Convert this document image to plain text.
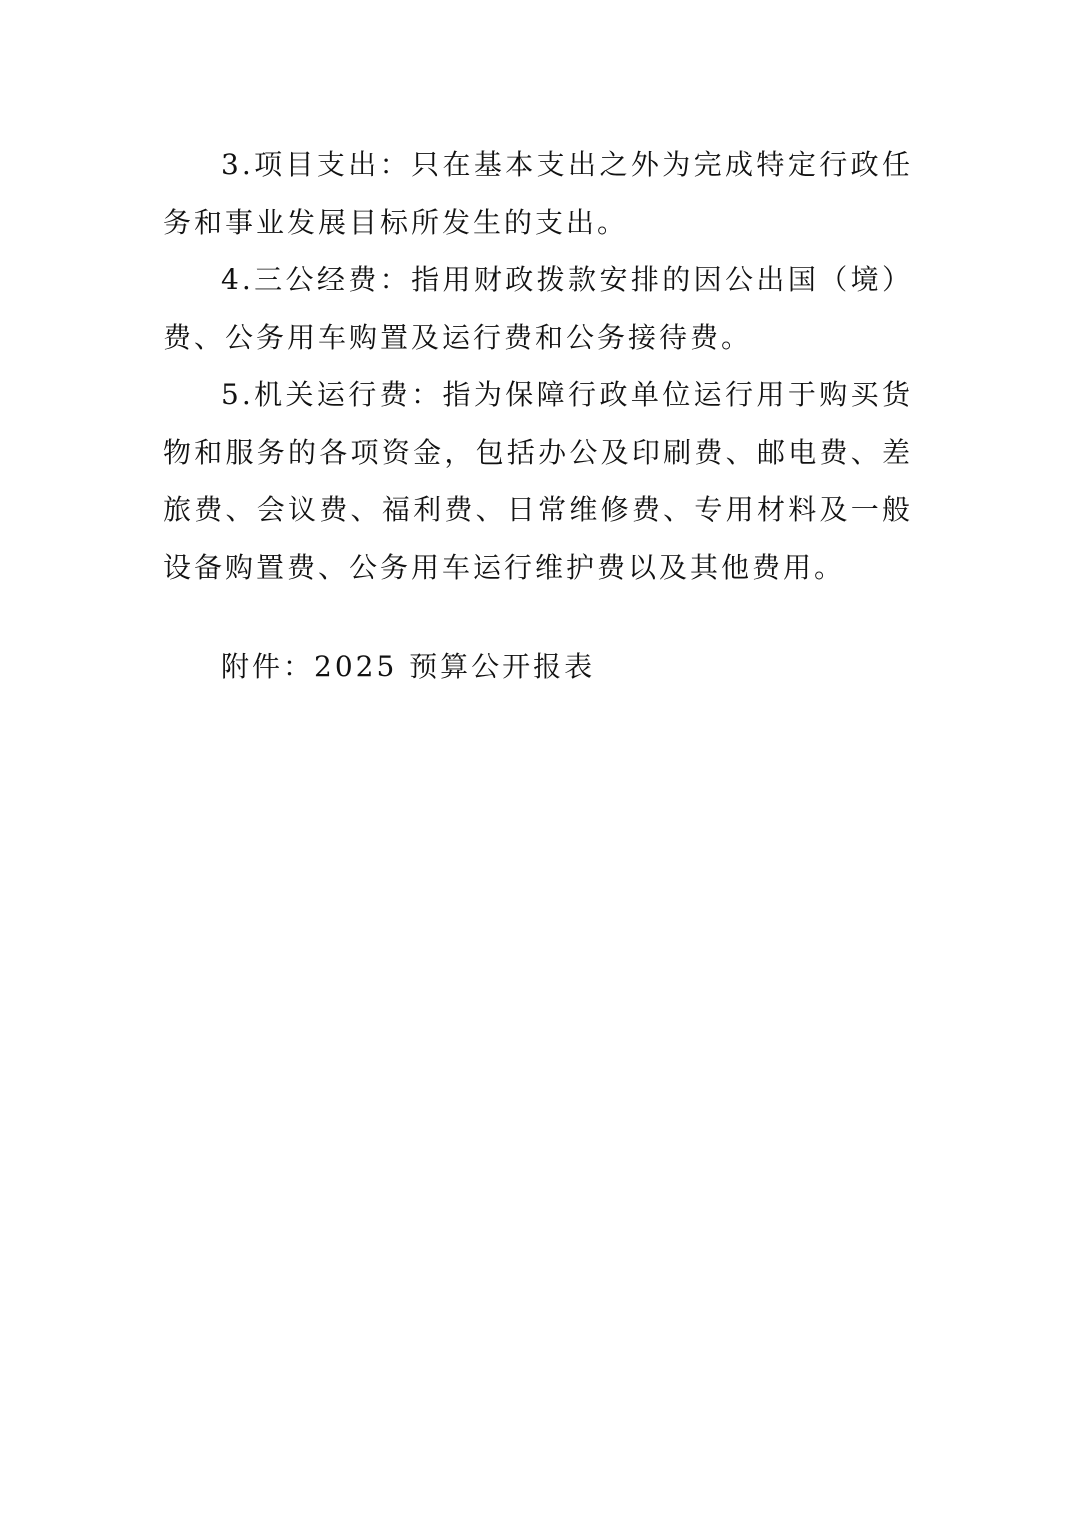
3.项目支出：只在基本支出之外为完成特定行政任务和事业发展目标所发生的支出。

4.三公经费：指用财政拨款安排的因公出国（境）费、公务用车购置及运行费和公务接待费。

5.机关运行费：指为保障行政单位运行用于购买货物和服务的各项资金，包括办公及印刷费、邮电费、差旅费、会议费、福利费、日常维修费、专用材料及一般设备购置费、公务用车运行维护费以及其他费用。

附件：2025 预算公开报表
